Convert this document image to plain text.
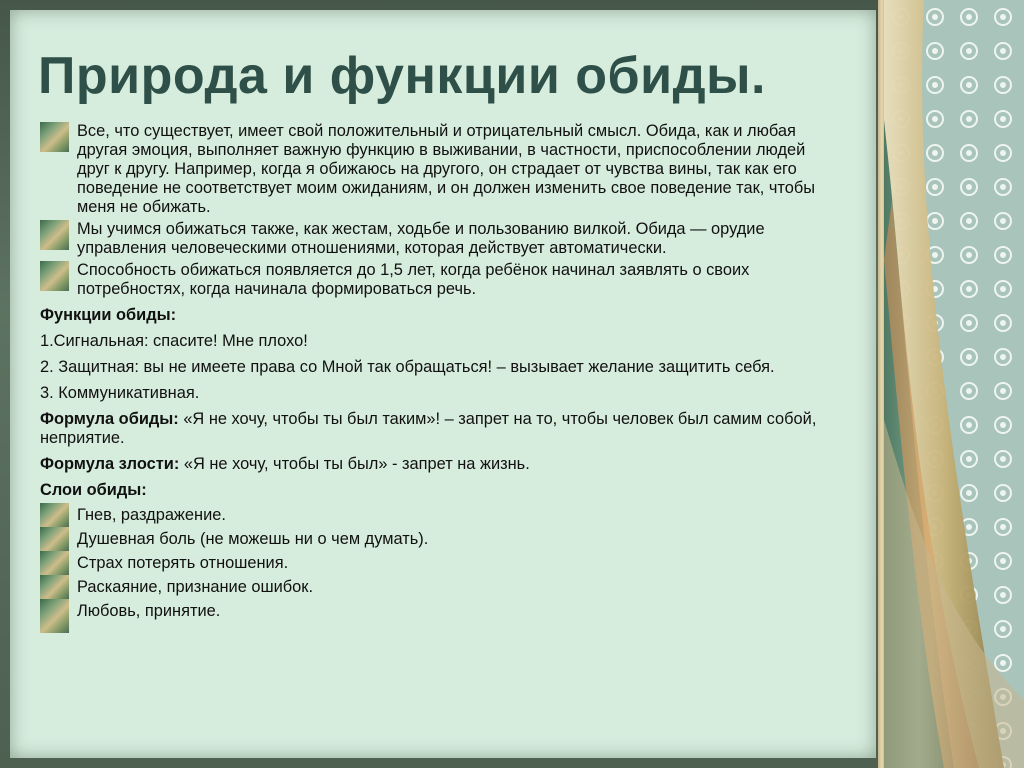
Природа и функции обиды.
Все, что существует, имеет свой положительный и отрицательный смысл. Обида, как и любая другая эмоция, выполняет важную функцию в выживании, в частности, приспособлении людей друг к другу. Например, когда я обижаюсь на другого, он страдает от чувства вины, так как его поведение не соответствует моим ожиданиям, и он должен изменить свое поведение так, чтобы меня не обижать.
Мы учимся обижаться также, как жестам, ходьбе и пользованию вилкой. Обида — орудие управления человеческими отношениями, которая действует автоматически.
Способность обижаться появляется до 1,5 лет, когда ребёнок начинал заявлять о своих потребностях, когда начинала формироваться речь.
Функции обиды:
1.Сигнальная: спасите! Мне плохо!
2. Защитная: вы не имеете права со Мной так обращаться! – вызывает желание защитить себя.
3. Коммуникативная.
Формула обиды: «Я не хочу, чтобы ты был таким»! – запрет на то, чтобы человек был самим собой, неприятие.
Формула злости: «Я не хочу, чтобы ты был» - запрет на жизнь.
Слои обиды:
Гнев, раздражение.
Душевная боль (не можешь ни о чем думать).
Страх потерять отношения.
Раскаяние, признание ошибок.
Любовь, принятие.
